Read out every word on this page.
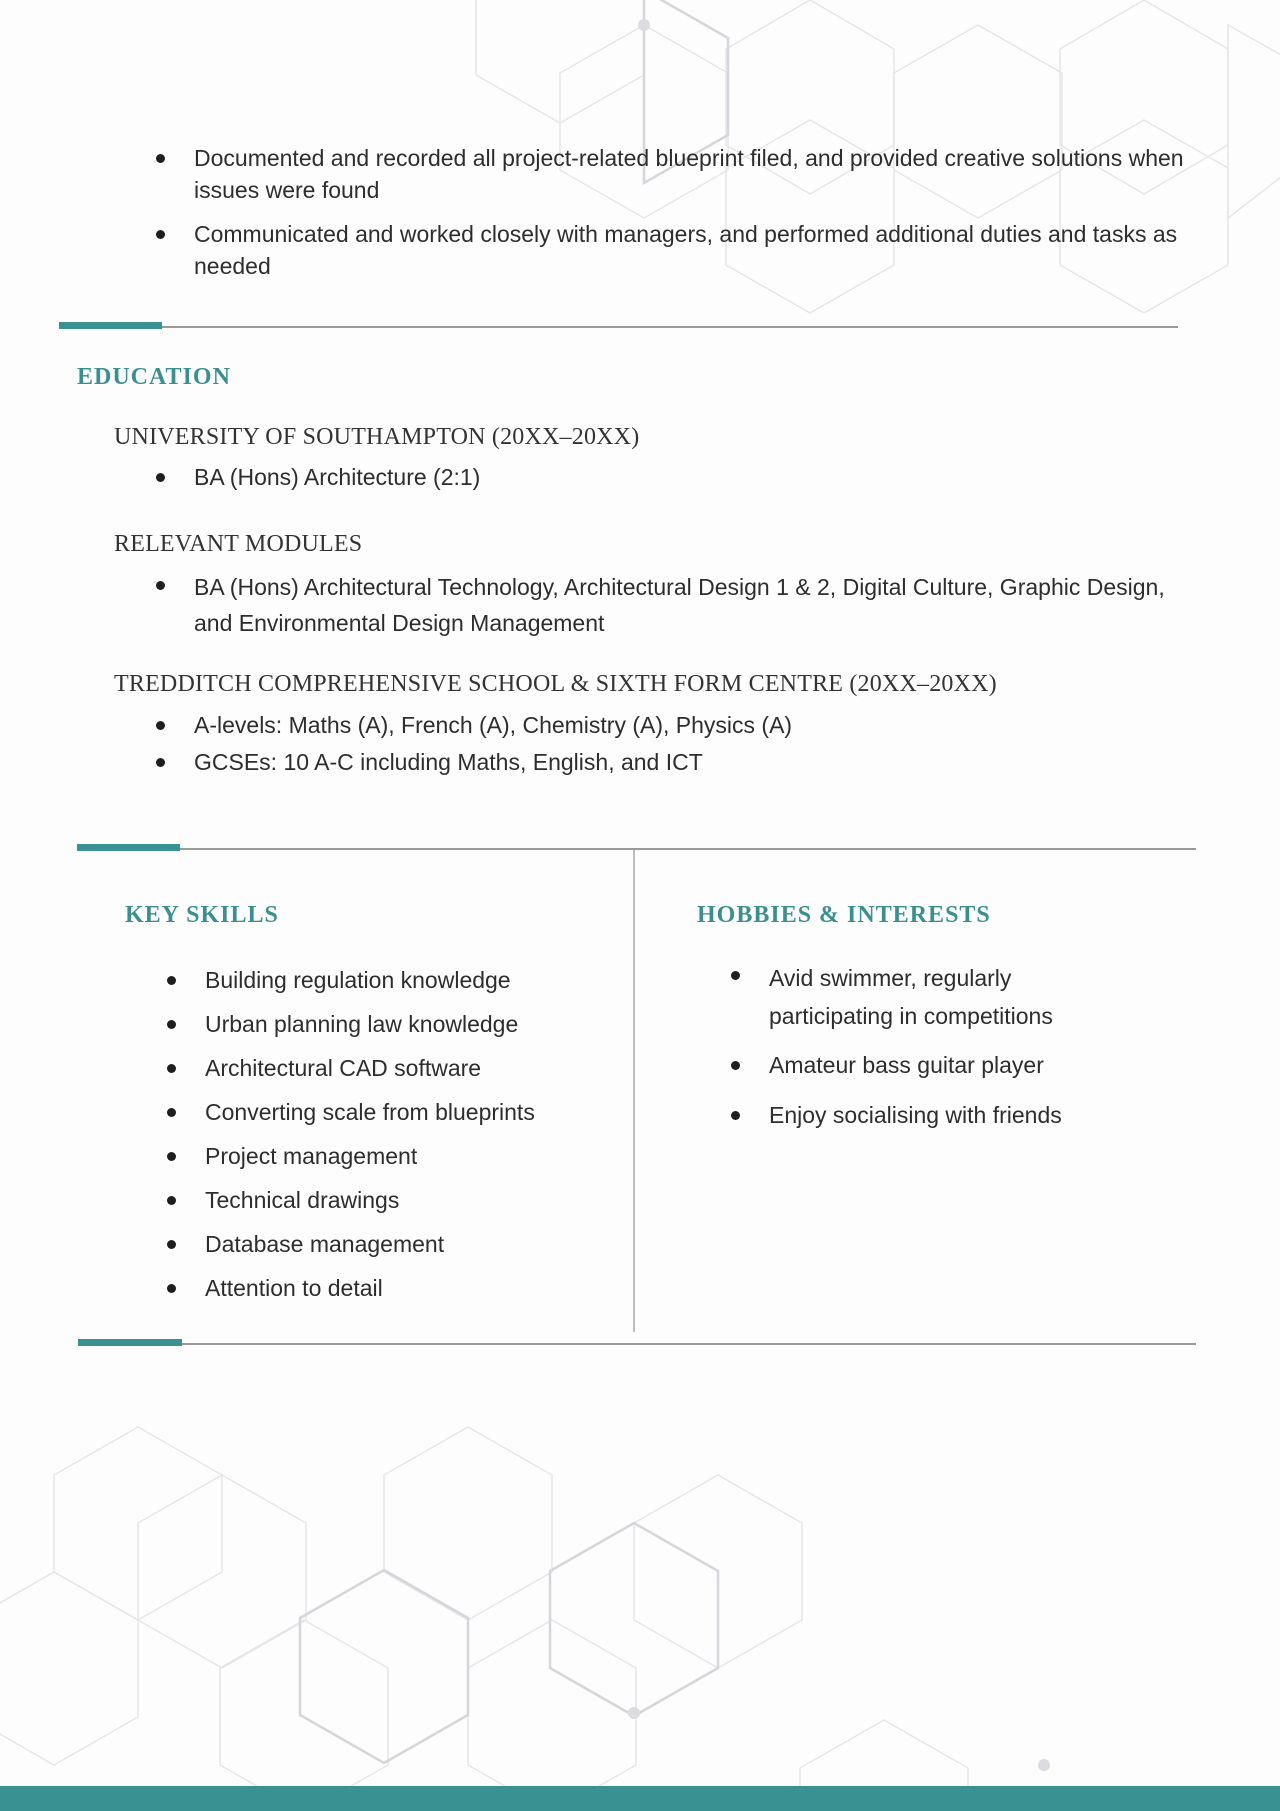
Documented and recorded all project-related blueprint filed, and provided creative solutions when issues were found
Communicated and worked closely with managers, and performed additional duties and tasks as needed
EDUCATION
UNIVERSITY OF SOUTHAMPTON (20XX–20XX)
BA (Hons) Architecture (2:1)
RELEVANT MODULES
BA (Hons) Architectural Technology, Architectural Design 1 & 2, Digital Culture, Graphic Design, and Environmental Design Management
TREDDITCH COMPREHENSIVE SCHOOL & SIXTH FORM CENTRE (20XX–20XX)
A-levels: Maths (A), French (A), Chemistry (A), Physics (A)
GCSEs: 10 A-C including Maths, English, and ICT
KEY SKILLS
Building regulation knowledge
Urban planning law knowledge
Architectural CAD software
Converting scale from blueprints
Project management
Technical drawings
Database management
Attention to detail
HOBBIES & INTERESTS
Avid swimmer, regularly participating in competitions
Amateur bass guitar player
Enjoy socialising with friends
